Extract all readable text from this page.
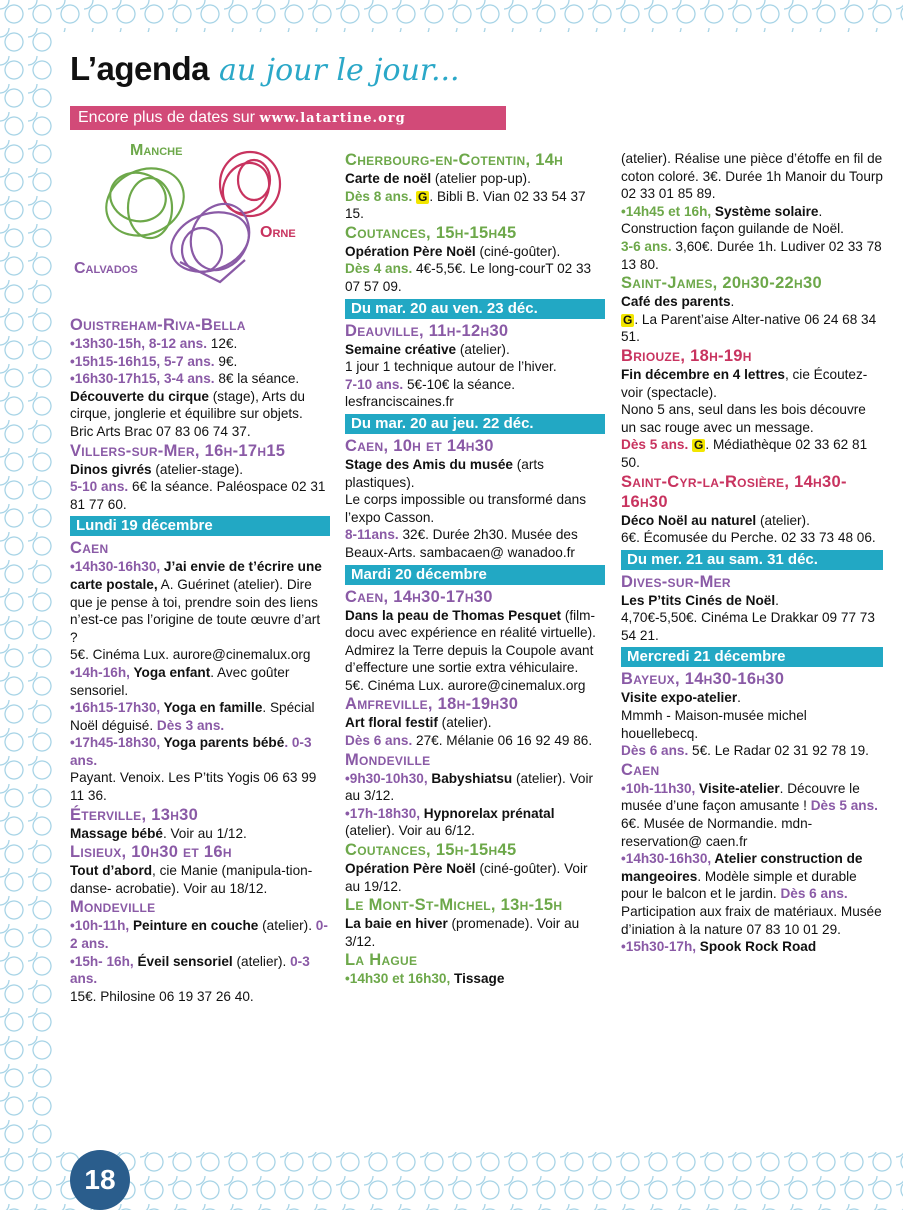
L’agenda au jour le jour...
Encore plus de dates sur www.latartine.org
Manche
Orne
Calvados
Ouistreham-Riva-Bella

•13h30-15h, 8-12 ans. 12€.

•15h15-16h15, 5-7 ans. 9€.

•16h30-17h15, 3-4 ans. 8€ la séance.

Découverte du cirque (stage), Arts du cirque, jonglerie et équilibre sur objets.

Bric Arts Brac 07 83 06 74 37.

Villers-sur-Mer, 16h-17h15

Dinos givrés (atelier-stage).

5-10 ans. 6€ la séance. Paléospace 02 31 81 77 60.

Lundi 19 décembre
Caen

•14h30-16h30, J’ai envie de t’écrire une carte postale, A. Guérinet (atelier). Dire que je pense à toi, prendre soin des liens n’est-ce pas l’origine de toute œuvre d’art ?

5€. Cinéma Lux. aurore@cinemalux.org

•14h-16h, Yoga enfant. Avec goûter sensoriel.

•16h15-17h30, Yoga en famille. Spécial Noël déguisé. Dès 3 ans.

•17h45-18h30, Yoga parents bébé. 0-3 ans.

Payant. Venoix. Les P’tits Yogis 06 63 99 11 36.

Éterville, 13h30

Massage bébé. Voir au 1/12.

Lisieux, 10h30 et 16h

Tout d’abord, cie Manie (manipula-tion-danse- acrobatie). Voir au 18/12.

Mondeville

•10h-11h, Peinture en couche (atelier). 0-2 ans.

•15h- 16h, Éveil sensoriel (atelier). 0-3 ans.

15€. Philosine 06 19 37 26 40.

Cherbourg-en-Cotentin, 14h

Carte de noël (atelier pop-up).

Dès 8 ans. G . Bibli B. Vian 02 33 54 37 15.

Coutances, 15h-15h45

Opération Père Noël (ciné-goûter).

Dès 4 ans. 4€-5,5€. Le long-courT 02 33 07 57 09.

Du mar. 20 au ven. 23 déc.
Deauville, 11h-12h30

Semaine créative (atelier).

1 jour 1 technique autour de l’hiver.

7-10 ans. 5€-10€ la séance. lesfranciscaines.fr

Du mar. 20 au jeu. 22 déc.
Caen, 10h et 14h30

Stage des Amis du musée (arts plastiques).

Le corps impossible ou transformé dans l’expo Casson.

8-11ans. 32€. Durée 2h30. Musée des Beaux-Arts. sambacaen@ wanadoo.fr

Mardi 20 décembre
Caen, 14h30-17h30

Dans la peau de Thomas Pesquet (film-docu avec expérience en réalité virtuelle).

Admirez la Terre depuis la Coupole avant d’effecture une sortie extra véhiculaire.

5€. Cinéma Lux. aurore@cinemalux.org

Amfreville, 18h-19h30

Art floral festif (atelier).

Dès 6 ans. 27€. Mélanie 06 16 92 49 86.

Mondeville

•9h30-10h30, Babyshiatsu (atelier). Voir au 3/12.

•17h-18h30, Hypnorelax prénatal (atelier). Voir au 6/12.

Coutances, 15h-15h45

Opération Père Noël (ciné-goûter). Voir au 19/12.

Le Mont-St-Michel, 13h-15h

La baie en hiver (promenade). Voir au 3/12.

La Hague

•14h30 et 16h30, Tissage

(atelier). Réalise une pièce d’étoffe en fil de coton coloré. 3€. Durée 1h Manoir du Tourp 02 33 01 85 89.

•14h45 et 16h, Système solaire. Construction façon guilande de Noël.

3-6 ans. 3,60€. Durée 1h. Ludiver 02 33 78 13 80.

Saint-James, 20h30-22h30

Café des parents.

G . La Parent’aise Alter-native 06 24 68 34 51.

Briouze, 18h-19h

Fin décembre en 4 lettres, cie Écoutez-voir (spectacle).

Nono 5 ans, seul dans les bois découvre un sac rouge avec un message.

Dès 5 ans. G . Médiathèque 02 33 62 81 50.

Saint-Cyr-la-Rosière, 14h30-16h30

Déco Noël au naturel (atelier).

6€. Écomusée du Perche. 02 33 73 48 06.

Du mer. 21 au sam. 31 déc.
Dives-sur-Mer

Les P’tits Cinés de Noël.

4,70€-5,50€. Cinéma Le Drakkar 09 77 73 54 21.

Mercredi 21 décembre
Bayeux, 14h30-16h30

Visite expo-atelier.

Mmmh - Maison-musée michel houellebecq.

Dès 6 ans. 5€. Le Radar 02 31 92 78 19.

Caen

•10h-11h30, Visite-atelier. Découvre le musée d’une façon amusante ! Dès 5 ans. 6€. Musée de Normandie. mdn-reservation@ caen.fr

•14h30-16h30, Atelier construction de mangeoires. Modèle simple et durable pour le balcon et le jardin. Dès 6 ans. Participation aux fraix de matériaux. Musée d’iniation à la nature 07 83 10 01 29.

•15h30-17h, Spook Rock Road

18
